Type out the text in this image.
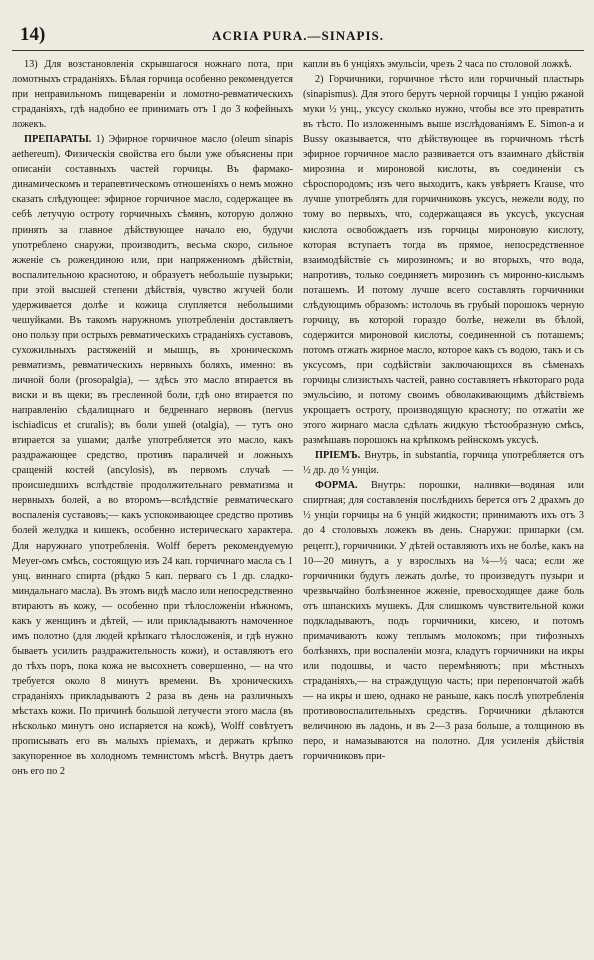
14)	ACRIA PURA.—SINAPIS.

13) Для возстановленія скрывшагося ножнаго пота, при ломотныхъ страданіяхъ. Бѣлая горчица особенно рекомендуется при неправильномъ пищевареніи и ломотно-ревматическихъ страданіяхъ, гдѣ надобно ее принимать отъ 1 до 3 кофейныхъ ложекъ.

ПРЕПАРАТЫ. 1) Эфирное горчичное масло (oleum sinapis aethereum). Физическія свойства его были уже объяснены при описаніи составныхъ частей горчицы. Въ фармако-динамическомъ и терапевтическомъ отношеніяхъ о немъ можно сказать слѣдующее: эфирное горчичное масло, содержащее въ себѣ летучую остроту горчичныхъ сѣмянъ, которую должно принять за главное дѣйствующее начало ею, будучи употреблено снаружи, производитъ, весьма скоро, сильное жженіе съ рожендиною или, при напряженномъ дѣйствіи, воспалительною краснотою, и образуетъ небольшіе пузырьки; при этой высшей степени дѣйствія, чувство жгучей боли удерживается долѣе и кожица слупляется небольшими чешуйками. Въ такомъ наружномъ употребленіи доставляетъ оно пользу при острыхъ ревматическихъ страданіяхъ суставовъ, сухожильныхъ растяженій и мышцъ, въ хроническомъ ревматизмъ, ревматическихъ нервныхъ боляхъ, именно: въ личной боли (prosopalgia), — здѣсь это масло втирается въ виски и въ щеки; въ гресленной боли, гдѣ оно втирается по направленію сѣдалищнаго и бедреннаго нервовъ (nervus ischiadicus et cruralis); въ боли ушей (otalgia), — тутъ оно втирается за ушами; далѣе употребляется это масло, какъ раздражающее средство, противъ параличей и ложныхъ сращеній костей (ancylosis), въ первомъ случаѣ — происшедшихъ вслѣдствіе продолжительнаго ревматизма и нервныхъ болей, а во второмъ—вслѣдствіе ревматическаго воспаленія суставовъ;— какъ успокоивающее средство противъ болей желудка и кишекъ, особенно истерическаго характера. Для наружнаго употребленія. Wolff беретъ рекомендуемую Meyer-омъ смѣсь, состоящую изъ 24 кап. горчичнаго масла съ 1 унц. виннаго спирта (рѣдко 5 кап. перваго съ 1 др. сладко-миндальнаго масла). Въ этомъ видѣ масло или непосредственно втираютъ въ кожу, — особенно при тѣлосложеніи нѣжномъ, какъ у женщинъ и дѣтей, — или прикладываютъ намоченное имъ полотно (для людей крѣпкаго тѣлосложенія, и гдѣ нужно бываетъ усилить раздражительность кожи), и оставляютъ его до тѣхъ поръ, пока кожа не высохнетъ совершенно, — на что требуется около 8 минутъ времени. Въ хроническихъ страданіяхъ прикладываютъ 2 раза въ день на различныхъ мѣстахъ кожи. По причинѣ большой летучести этого масла (въ нѣсколько минутъ оно испаряется на кожѣ), Wolff совѣтуетъ прописывать его въ малыхъ пріемахъ, и держать крѣпко закупоренное въ холодномъ темнистомъ мѣстѣ. Внутрь даетъ онъ его по 2

капли въ 6 унціяхъ эмульсіи, чрезъ 2 часа по столовой ложкѣ.

2) Горчичники, горчичное тѣсто или горчичный пластырь (sinapismus). Для этого берутъ черной горчицы 1 унцію ржаной муки ½ унц., уксусу сколько нужно, чтобы все это превратить въ тѣсто. По изложеннымъ выше изслѣдованіямъ E. Simon-а и Bussy оказывается, что дѣйствующее въ горчичномъ тѣстѣ эфирное горчичное масло развивается отъ взаимнаго дѣйствія мирозина и мироновой кислоты, въ соединеніи съ сѣроспородомъ; изъ чего выходитъ, какъ увѣряетъ Krause, что лучше употреблять для горчичниковъ уксусъ, нежели воду, по тому во первыхъ, что, содержащаяся въ уксусѣ, уксусная кислота освобождаетъ изъ горчицы мироновую кислоту, которая вступаетъ тогда въ прямое, непосредственное взаимодѣйствіе съ мирозиномъ; и во вторыхъ, что вода, напротивъ, только соединяетъ мирозинъ съ миронно-кислымъ поташемъ. И потому лучше всего составлять горчичники слѣдующимъ образомъ: истолочь въ грубый порошокъ черную горчицу, въ которой гораздо болѣе, нежели въ бѣлой, содержится мироновой кислоты, соединенной съ поташемъ; потомъ отжать жирное масло, которое какъ съ водою, такъ и съ уксусомъ, при содѣйствіи заключающихся въ сѣменахъ горчицы слизистыхъ частей, равно составляетъ нѣкотораго рода эмульсіию, и потому своимъ обволакивающимъ дѣйствіемъ укрощаетъ остроту, производящую краснoту; по отжатіи же этого жирнаго масла сдѣлать жидкую тѣстообразную смѣсь, размѣшавъ порошокъ на крѣпкомъ рейнскомъ уксусѣ.

ПРІЕМЪ. Внутрь, in substantia, горчица употребляется отъ ½ др. до ½ унціи.

ФОРМА. Внутрь: порошки, наливки—водяная или спиртная; для составленія послѣднихъ берется отъ 2 драхмъ до ½ унціи горчицы на 6 унцій жидкости; принимаютъ ихъ отъ 3 до 4 столовыхъ ложекъ въ день. Снаружи: припарки (см. рецепт.), горчичники. У дѣтей оставляютъ ихъ не болѣе, какъ на 10—20 минутъ, а у взрослыхъ на ¼—½ часа; если же горчичники будутъ лежать долѣе, то произведутъ пузыри и чрезвычайно болѣзненное жженіе, превосходящее даже боль отъ шпанскихъ мушекъ. Для слишкомъ чувствительной кожи подкладываютъ, подъ горчичники, кисею, и потомъ примачиваютъ кожу теплымъ молокомъ; при тифозныхъ болѣзняхъ, при воспаленіи мозга, кладутъ горчичники на икры или подошвы, и часто перемѣняютъ; при мѣстныхъ страданіяхъ,— на страждущую часть; при перепончатой жабѣ — на икры и шею, однако не раньше, какъ послѣ употребленія противовоспалительныхъ средствъ. Горчичники дѣлаются величиною въ ладонь, и въ 2—3 раза больше, а толщиною въ перо, и намазываются на полотно. Для усиленія дѣйствія горчичниковъ при-
